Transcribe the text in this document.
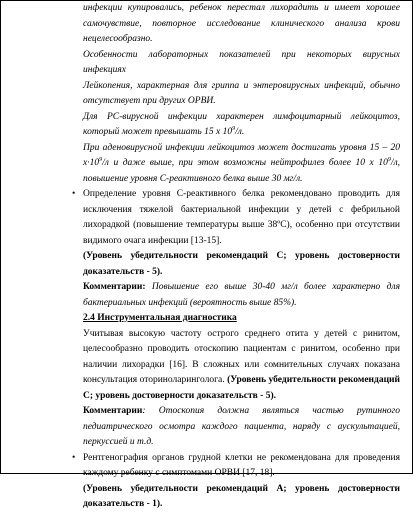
инфекции купировались, ребенок перестал лихорадить и имеет хорошее самочувствие, повторное исследование клинического анализа крови нецелесообразно.

Особенности лабораторных показателей при некоторых вирусных инфекциях

Лейкопения, характерная для гриппа и энтеровирусных инфекций, обычно отсутствует при других ОРВИ.

Для РС-вирусной инфекции характерен лимфоцитарный лейкоцитоз, который может превышать 15 х $10^9/л$.

При аденовирусной инфекции лейкоцитоз может достигать уровня 15 – 20 $х\cdot 10^9/л$ и даже выше, при этом возможны нейтрофилез более 10 х $10^9/л$, повышение уровня С-реактивного белка выше 30 мг/л.

• Определение уровня С-реактивного белка рекомендовано проводить для исключения тяжелой бактериальной инфекции у детей с фебрильной лихорадкой (повышение температуры выше 38ºС), особенно при отсутствии видимого очага инфекции [13-15].

(Уровень убедительности рекомендаций С; уровень достоверности доказательств - 5).

Комментарии: Повышение его выше 30-40 мг/л более характерно для бактериальных инфекций (вероятность выше 85%).

2.4 Инструментальная диагностика

Учитывая высокую частоту острого среднего отита у детей с ринитом, целесообразно проводить отоскопию пациентам с ринитом, особенно при наличии лихорадки [16]. В сложных или сомнительных случаях показана консультация оториноларинголога. (Уровень убедительности рекомендаций С; уровень достоверности доказательств - 5).

Комментарии: Отоскопия должна являться частью рутинного педиатрического осмотра каждого пациента, наряду с аускультацией, перкуссией и т.д.

• Рентгенография органов грудной клетки не рекомендована для проведения каждому ребенку с симптомами ОРВИ [17, 18].

(Уровень убедительности рекомендаций А; уровень достоверности доказательств - 1).
